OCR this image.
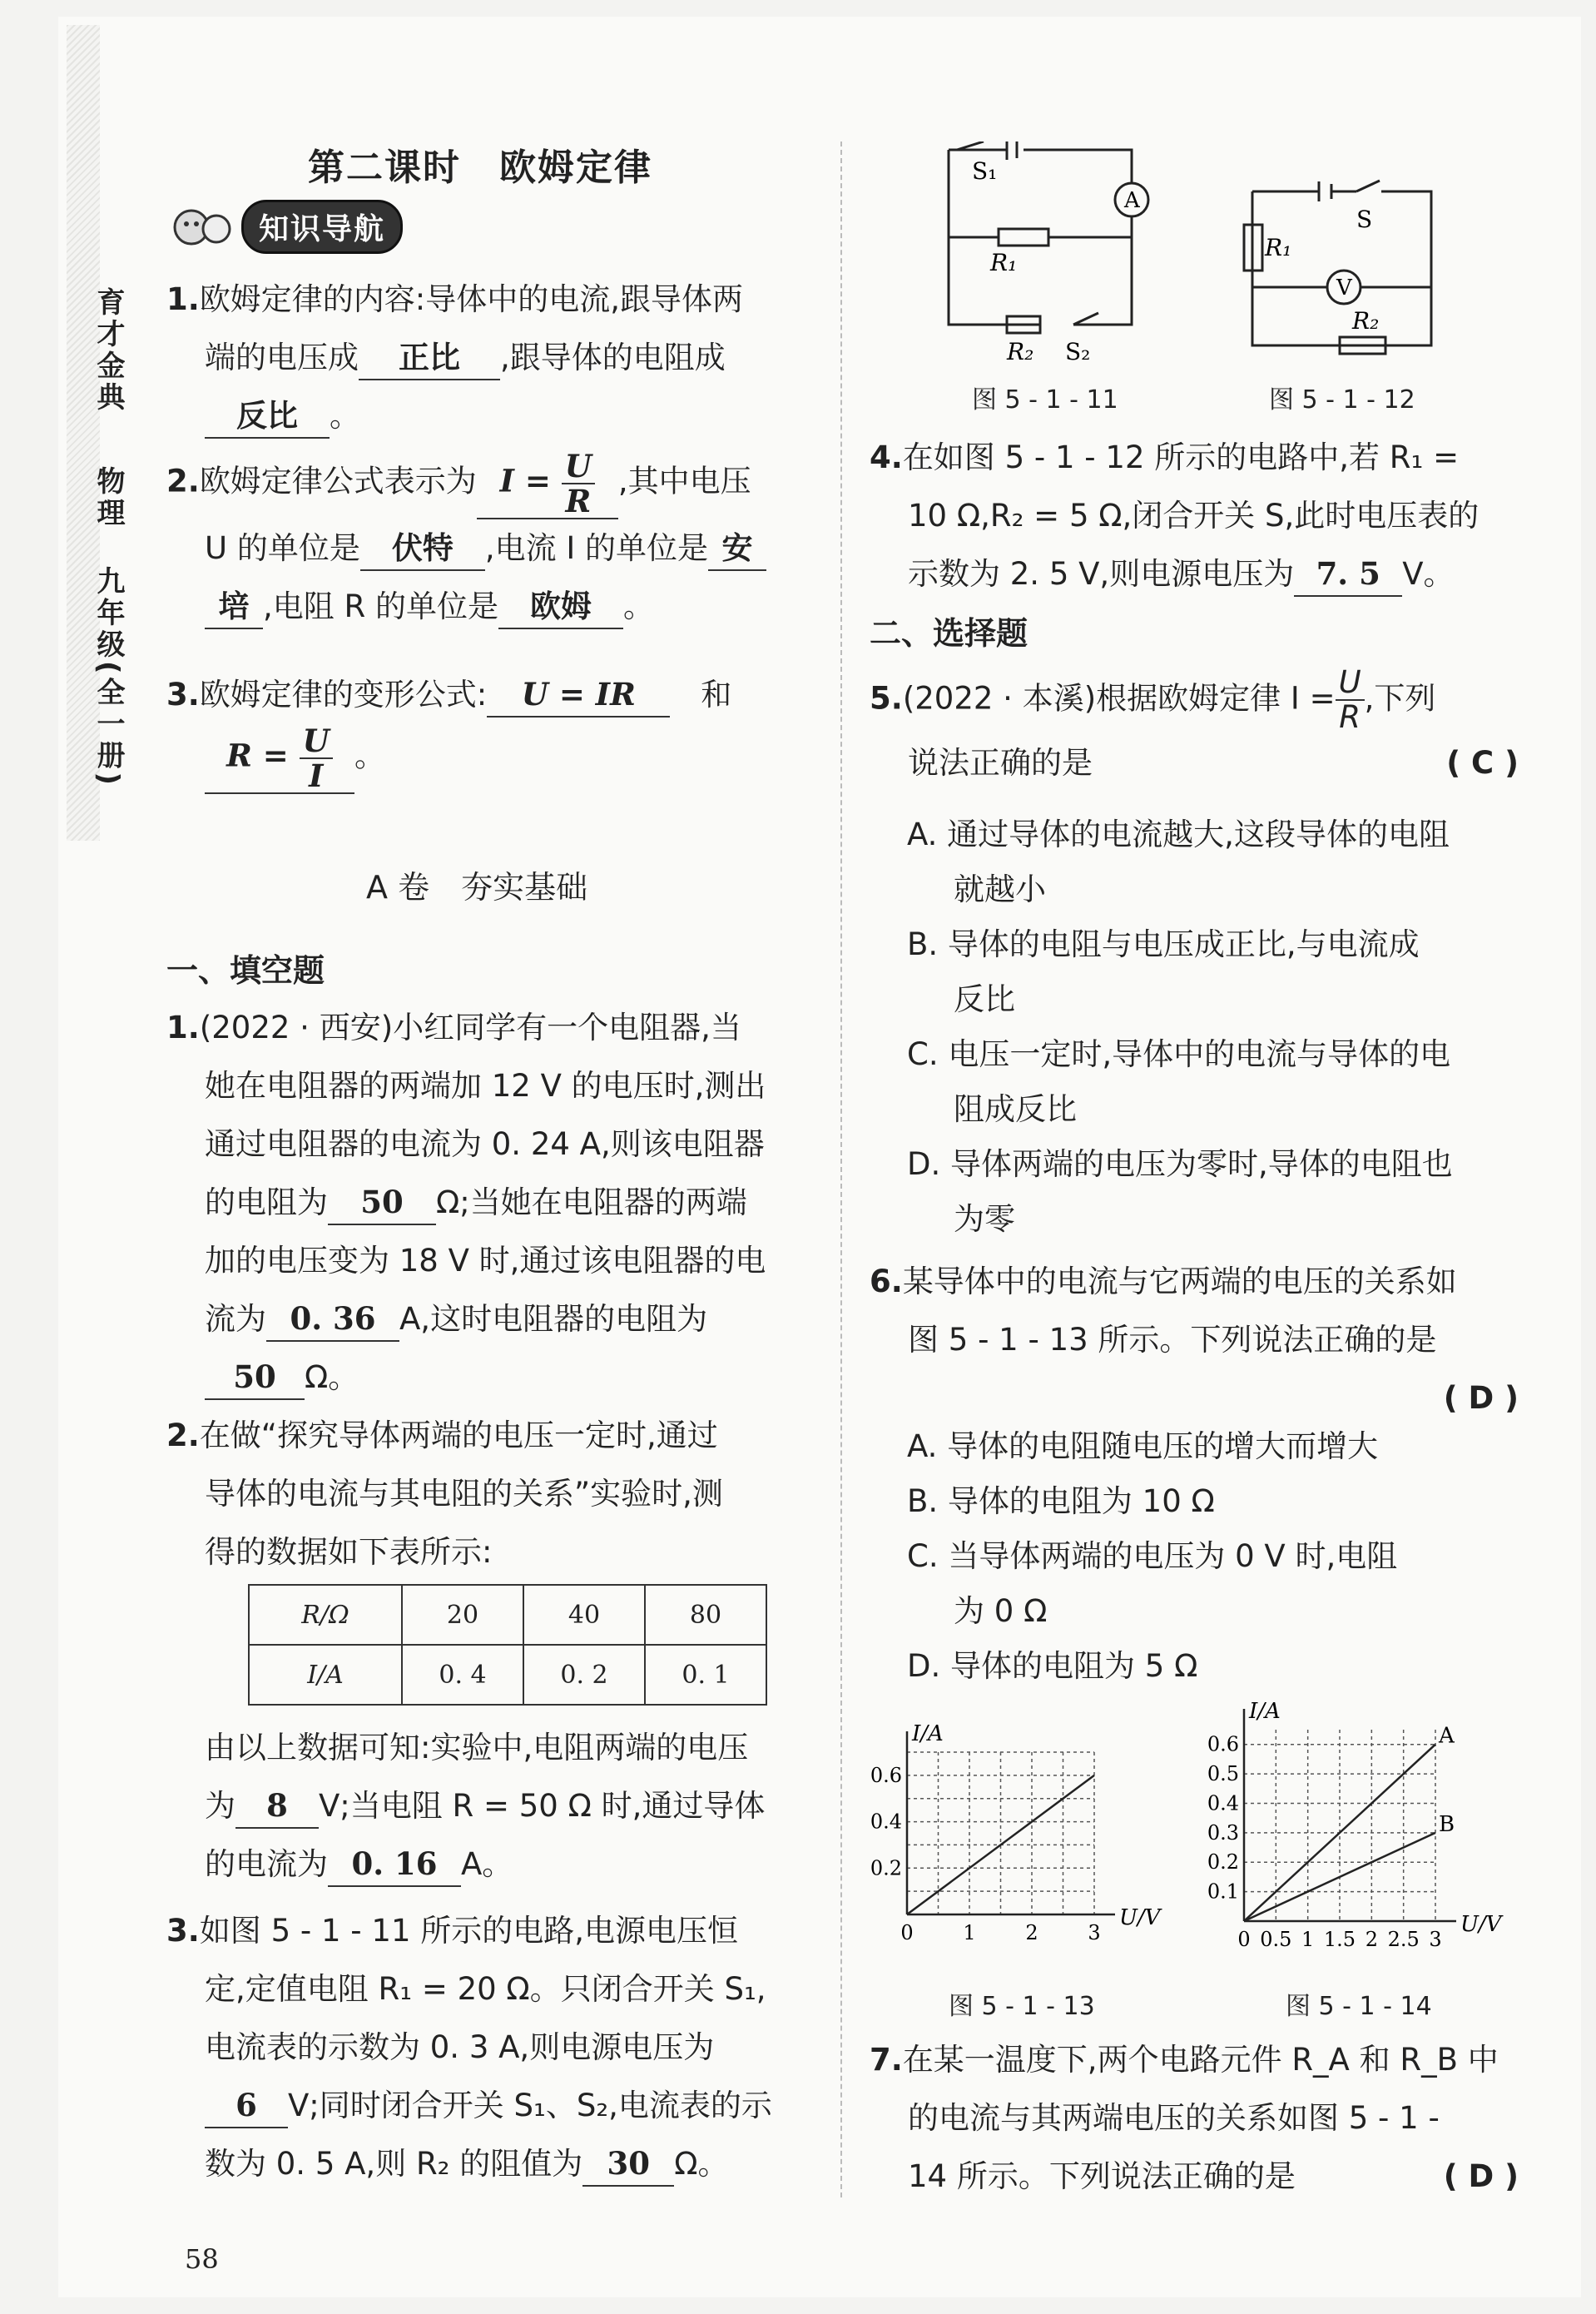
育才金典
物理
九年级(全一册)
第二课时　欧姆定律
知识导航
1.欧姆定律的内容:导体中的电流,跟导体两
端的电压成 正比 ,跟导体的电阻成
反比 。
2.欧姆定律公式表示为 $I = \frac{U}{R}$ ,其中电压
U 的单位是 伏特 ,电流 I 的单位是 安
培 ,电阻 R 的单位是 欧姆 。
3.欧姆定律的变形公式: U = IR　 和
$R = \frac{U}{I}$ 。
A 卷　夯实基础
一、填空题
1.(2022 · 西安)小红同学有一个电阻器,当
她在电阻器的两端加 12 V 的电压时,测出
通过电阻器的电流为 0. 24 A,则该电阻器
的电阻为 50 Ω;当她在电阻器的两端
加的电压变为 18 V 时,通过该电阻器的电
流为 0. 36 A,这时电阻器的电阻为
50 Ω。
2.在做“探究导体两端的电压一定时,通过
导体的电流与其电阻的关系”实验时,测
得的数据如下表所示:
R/Ω	20	40	80
I/A	0. 4	0. 2	0. 1
由以上数据可知:实验中,电阻两端的电压
为 8 V;当电阻 R = 50 Ω 时,通过导体
的电流为 0. 16 A。
3.如图 5 - 1 - 11 所示的电路,电源电压恒
定,定值电阻 R₁ = 20 Ω。只闭合开关 S₁,
电流表的示数为 0. 3 A,则电源电压为
6 V;同时闭合开关 S₁、S₂,电流表的示
数为 0. 5 A,则 R₂ 的阻值为 30 Ω。
S₁
A
R₁
R₂ S₂
图 5 - 1 - 11
S
R₁
V
R₂
图 5 - 1 - 12
4.在如图 5 - 1 - 12 所示的电路中,若 R₁ =
10 Ω,R₂ = 5 Ω,闭合开关 S,此时电压表的
示数为 2. 5 V,则电源电压为 7. 5 V。
二、选择题
5.(2022 · 本溪)根据欧姆定律 $I = \frac{U}{R}$ ,下列
说法正确的是	( C )
A. 通过导体的电流越大,这段导体的电阻
就越小
B. 导体的电阻与电压成正比,与电流成
反比
C. 电压一定时,导体中的电流与导体的电
阻成反比
D. 导体两端的电压为零时,导体的电阻也
为零
6.某导体中的电流与它两端的电压的关系如
图 5 - 1 - 13 所示。下列说法正确的是

( D )
A. 导体的电阻随电压的增大而增大
B. 导体的电阻为 10 Ω
C. 当导体两端的电压为 0 V 时,电阻
为 0 Ω
D. 导体的电阻为 5 Ω
U/V
I/A
0 1 2 3
0.2
0.4
0.6
图 5 - 1 - 13
U/V
I/A
0 0.5 1 1.5 2 2.5 3
0.1
0.2
0.3
0.4
0.5
0.6	A
B
图 5 - 1 - 14
7.在某一温度下,两个电路元件 R_A 和 R_B 中
的电流与其两端电压的关系如图 5 - 1 -
14 所示。下列说法正确的是	( D )
58
